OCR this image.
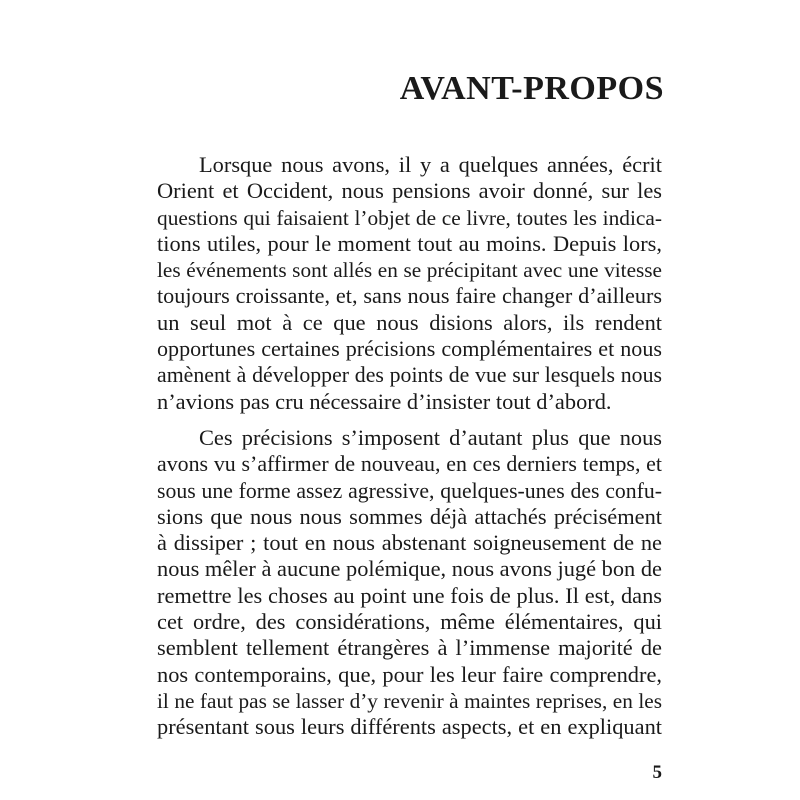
AVANT-PROPOS
Lorsque nous avons, il y a quelques années, écrit
Orient et Occident, nous pensions avoir donné, sur les
questions qui faisaient l’objet de ce livre, toutes les indica-
tions utiles, pour le moment tout au moins. Depuis lors,
les événements sont allés en se précipitant avec une vitesse
toujours croissante, et, sans nous faire changer d’ailleurs
un seul mot à ce que nous disions alors, ils rendent
opportunes certaines précisions complémentaires et nous
amènent à développer des points de vue sur lesquels nous
n’avions pas cru nécessaire d’insister tout d’abord.
Ces précisions s’imposent d’autant plus que nous
avons vu s’affirmer de nouveau, en ces derniers temps, et
sous une forme assez agressive, quelques-unes des confu-
sions que nous nous sommes déjà attachés précisément
à dissiper ; tout en nous abstenant soigneusement de ne
nous mêler à aucune polémique, nous avons jugé bon de
remettre les choses au point une fois de plus. Il est, dans
cet ordre, des considérations, même élémentaires, qui
semblent tellement étrangères à l’immense majorité de
nos contemporains, que, pour les leur faire comprendre,
il ne faut pas se lasser d’y revenir à maintes reprises, en les
présentant sous leurs différents aspects, et en expliquant
5
